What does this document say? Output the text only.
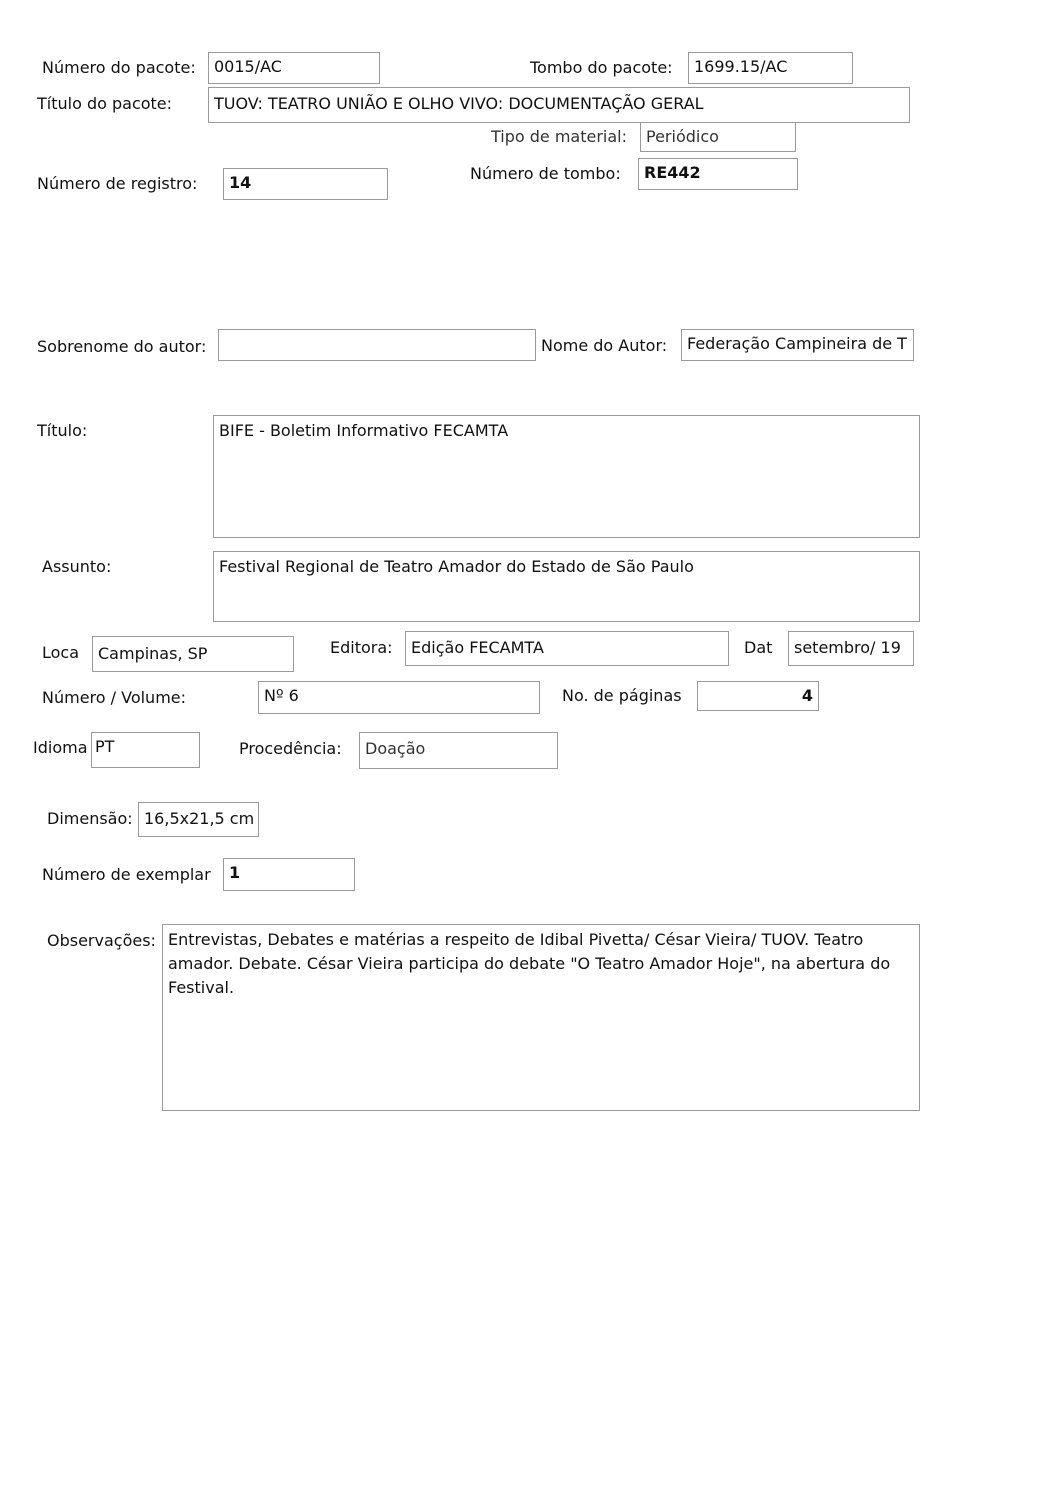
Número do pacote:	0015/AC	Tombo do pacote:	1699.15/AC
Título do pacote:	TUOV: TEATRO UNIÃO E OLHO VIVO: DOCUMENTAÇÃO GERAL
Tipo de material:	Periódico
Número de registro:	14	Número de tombo:	RE442
Sobrenome do autor:	Nome do Autor:	Federação Campineira de T
Título:	BIFE - Boletim Informativo FECAMTA
Assunto:	Festival Regional de Teatro Amador do Estado de São Paulo
Loca	Campinas, SP	Editora:	Edição FECAMTA	Dat	setembro/ 19
Número / Volume:	Nº 6	No. de páginas	4
Idioma PT	Procedência:	Doação
Dimensão: 16,5x21,5 cm
Número de exemplar	1
Observações: Entrevistas, Debates e matérias a respeito de Idibal Pivetta/ César Vieira/ TUOV. Teatro amador. Debate. César Vieira participa do debate "O Teatro Amador Hoje", na abertura do Festival.
